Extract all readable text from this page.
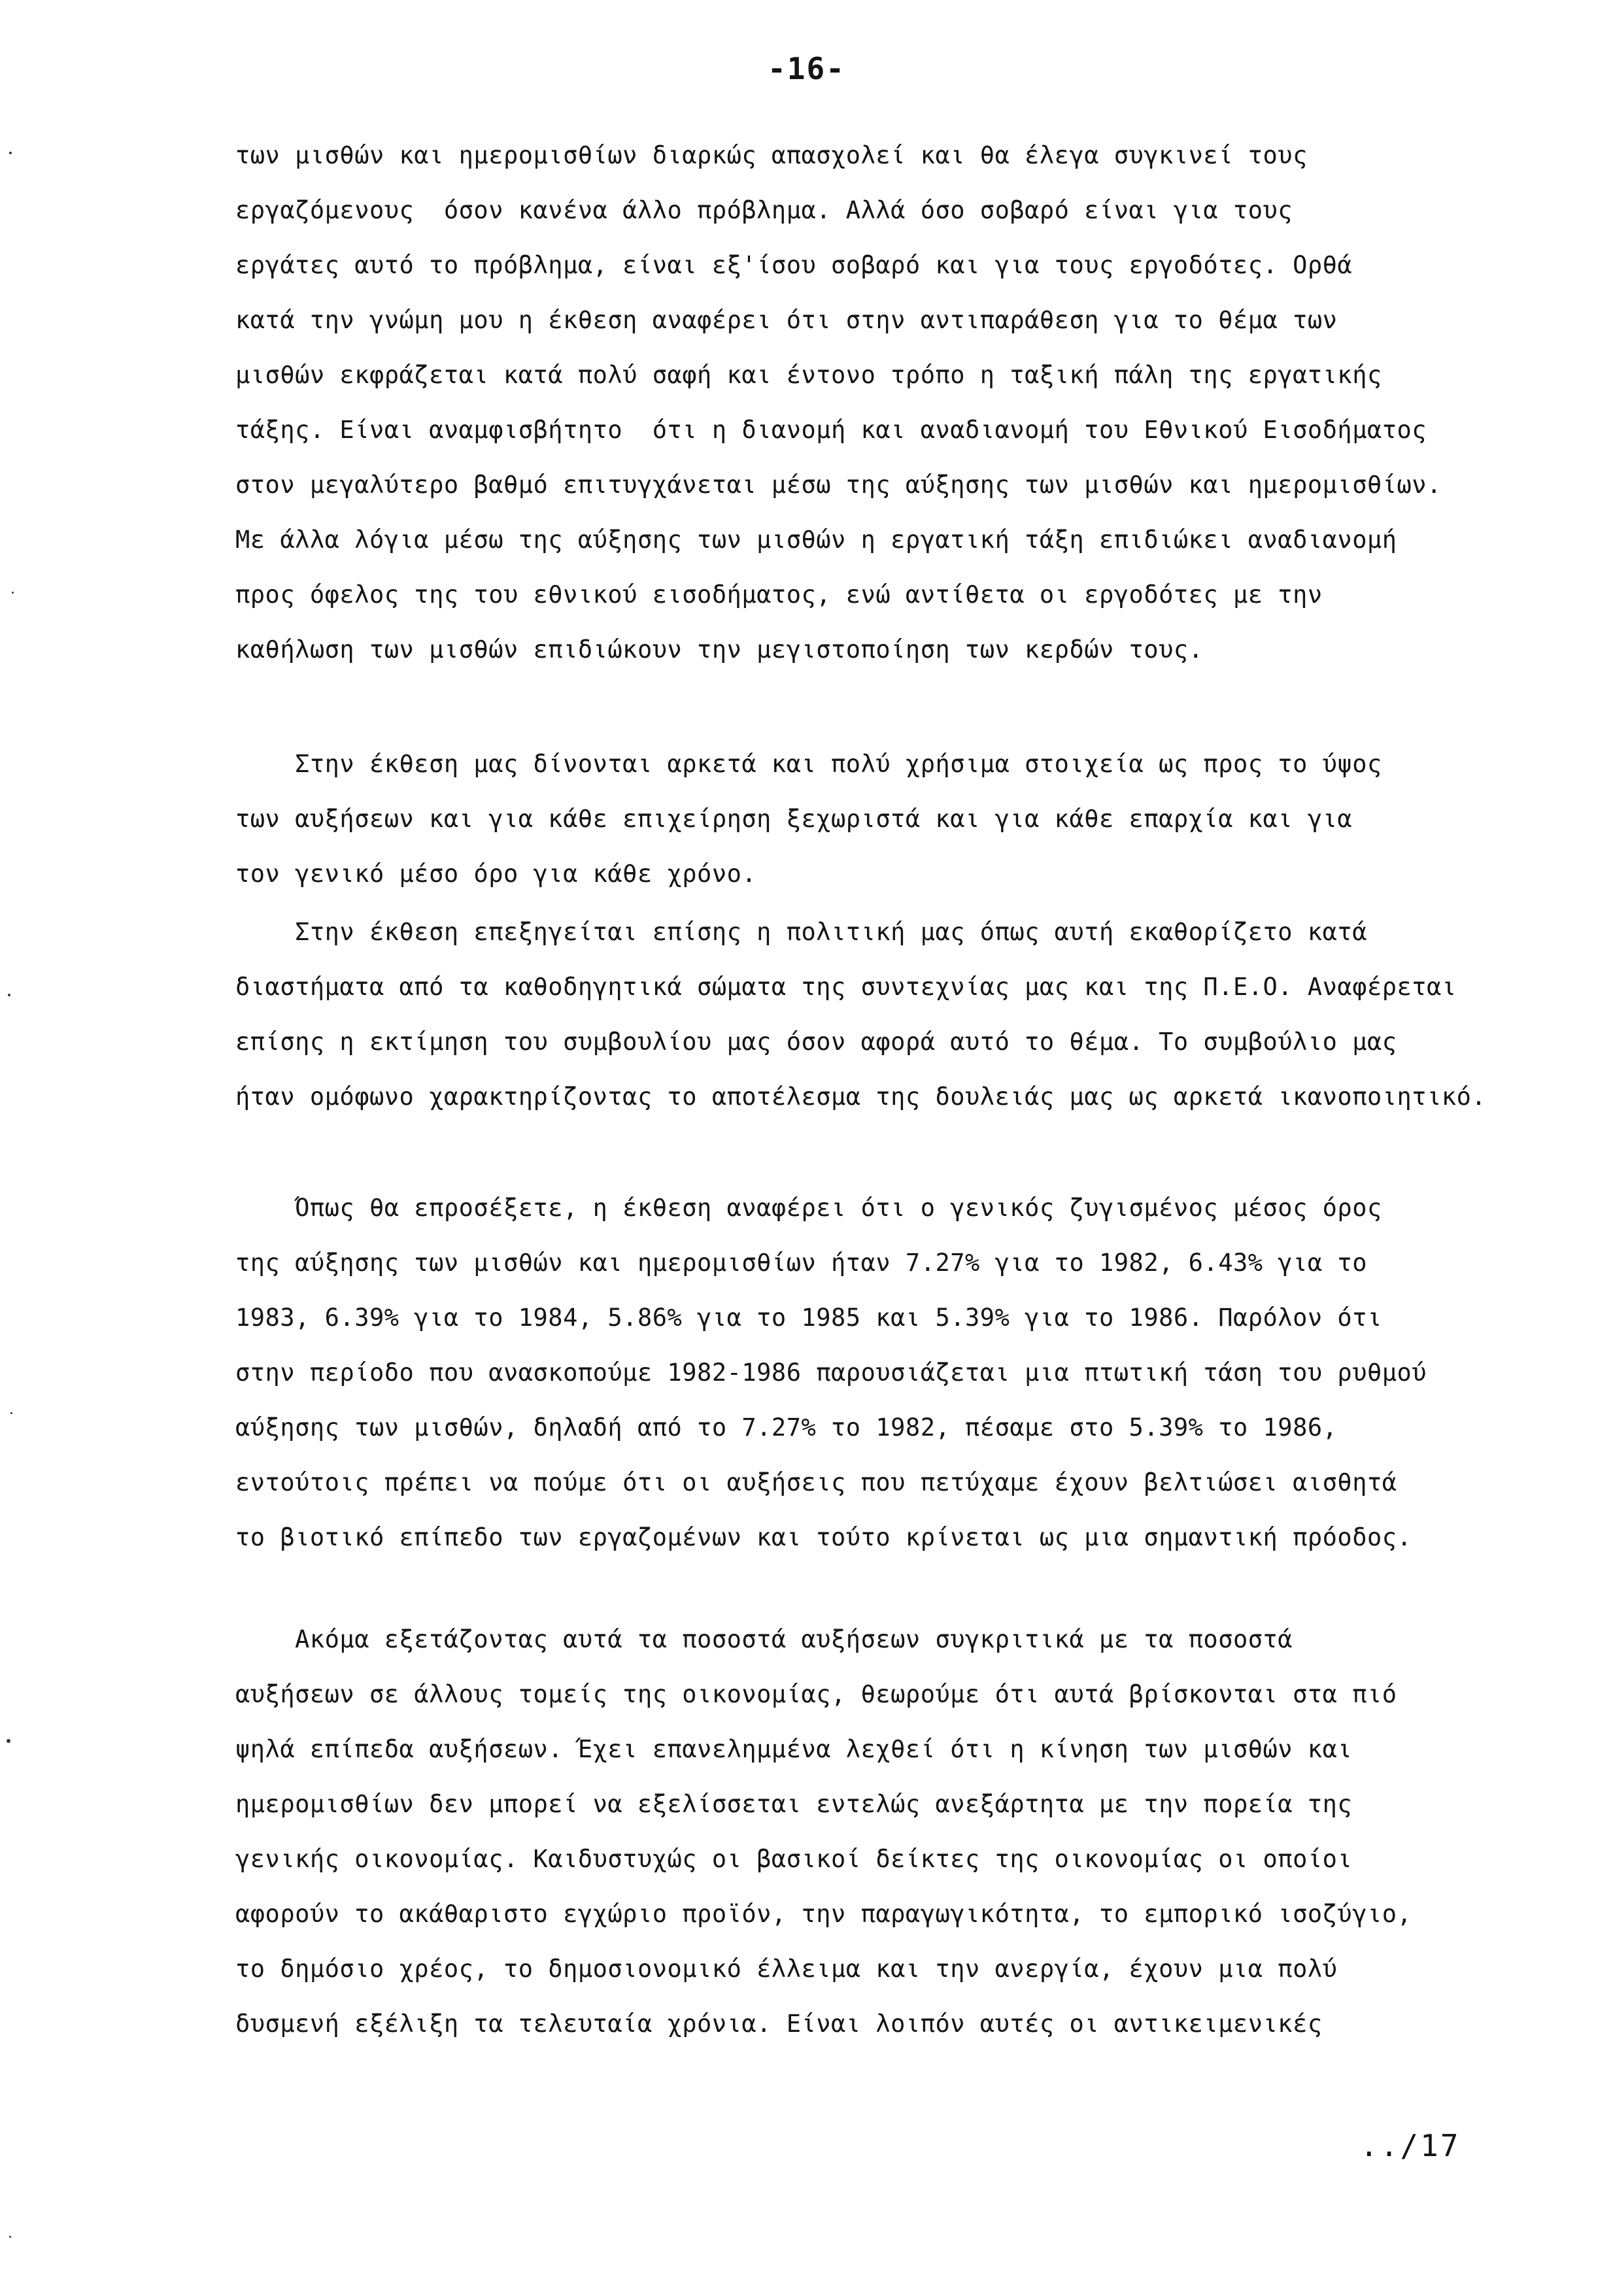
-16-
των μισθών και ημερομισθίων διαρκώς απασχολεί και θα έλεγα συγκινεί τους
εργαζόμενους  όσον κανένα άλλο πρόβλημα. Αλλά όσο σοβαρό είναι για τους
εργάτες αυτό το πρόβλημα, είναι εξ'ίσου σοβαρό και για τους εργοδότες. Ορθά
κατά την γνώμη μου η έκθεση αναφέρει ότι στην αντιπαράθεση για το θέμα των
μισθών εκφράζεται κατά πολύ σαφή και έντονο τρόπο η ταξική πάλη της εργατικής
τάξης. Είναι αναμφισβήτητο  ότι η διανομή και αναδιανομή του Εθνικού Εισοδήματος
στον μεγαλύτερο βαθμό επιτυγχάνεται μέσω της αύξησης των μισθών και ημερομισθίων.
Με άλλα λόγια μέσω της αύξησης των μισθών η εργατική τάξη επιδιώκει αναδιανομή
προς όφελος της του εθνικού εισοδήματος, ενώ αντίθετα οι εργοδότες με την
καθήλωση των μισθών επιδιώκουν την μεγιστοποίηση των κερδών τους.
Στην έκθεση μας δίνονται αρκετά και πολύ χρήσιμα στοιχεία ως προς το ύψος
των αυξήσεων και για κάθε επιχείρηση ξεχωριστά και για κάθε επαρχία και για
τον γενικό μέσο όρο για κάθε χρόνο.
Στην έκθεση επεξηγείται επίσης η πολιτική μας όπως αυτή εκαθορίζετο κατά
διαστήματα από τα καθοδηγητικά σώματα της συντεχνίας μας και της Π.Ε.Ο. Αναφέρεται
επίσης η εκτίμηση του συμβουλίου μας όσον αφορά αυτό το θέμα. Το συμβούλιο μας
ήταν ομόφωνο χαρακτηρίζοντας το αποτέλεσμα της δουλειάς μας ως αρκετά ικανοποιητικό.
Όπως θα επροσέξετε, η έκθεση αναφέρει ότι ο γενικός ζυγισμένος μέσος όρος
της αύξησης των μισθών και ημερομισθίων ήταν 7.27% για το 1982, 6.43% για το
1983, 6.39% για το 1984, 5.86% για το 1985 και 5.39% για το 1986. Παρόλον ότι
στην περίοδο που ανασκοπούμε 1982-1986 παρουσιάζεται μια πτωτική τάση του ρυθμού
αύξησης των μισθών, δηλαδή από το 7.27% το 1982, πέσαμε στο 5.39% το 1986,
εντούτοις πρέπει να πούμε ότι οι αυξήσεις που πετύχαμε έχουν βελτιώσει αισθητά
το βιοτικό επίπεδο των εργαζομένων και τούτο κρίνεται ως μια σημαντική πρόοδος.
Ακόμα εξετάζοντας αυτά τα ποσοστά αυξήσεων συγκριτικά με τα ποσοστά
αυξήσεων σε άλλους τομείς της οικονομίας, θεωρούμε ότι αυτά βρίσκονται στα πιό
ψηλά επίπεδα αυξήσεων. Έχει επανελημμένα λεχθεί ότι η κίνηση των μισθών και
ημερομισθίων δεν μπορεί να εξελίσσεται εντελώς ανεξάρτητα με την πορεία της
γενικής οικονομίας. Καιδυστυχώς οι βασικοί δείκτες της οικονομίας οι οποίοι
αφορούν το ακάθαριστο εγχώριο προϊόν, την παραγωγικότητα, το εμπορικό ισοζύγιο,
το δημόσιο χρέος, το δημοσιονομικό έλλειμα και την ανεργία, έχουν μια πολύ
δυσμενή εξέλιξη τα τελευταία χρόνια. Είναι λοιπόν αυτές οι αντικειμενικές
../17
